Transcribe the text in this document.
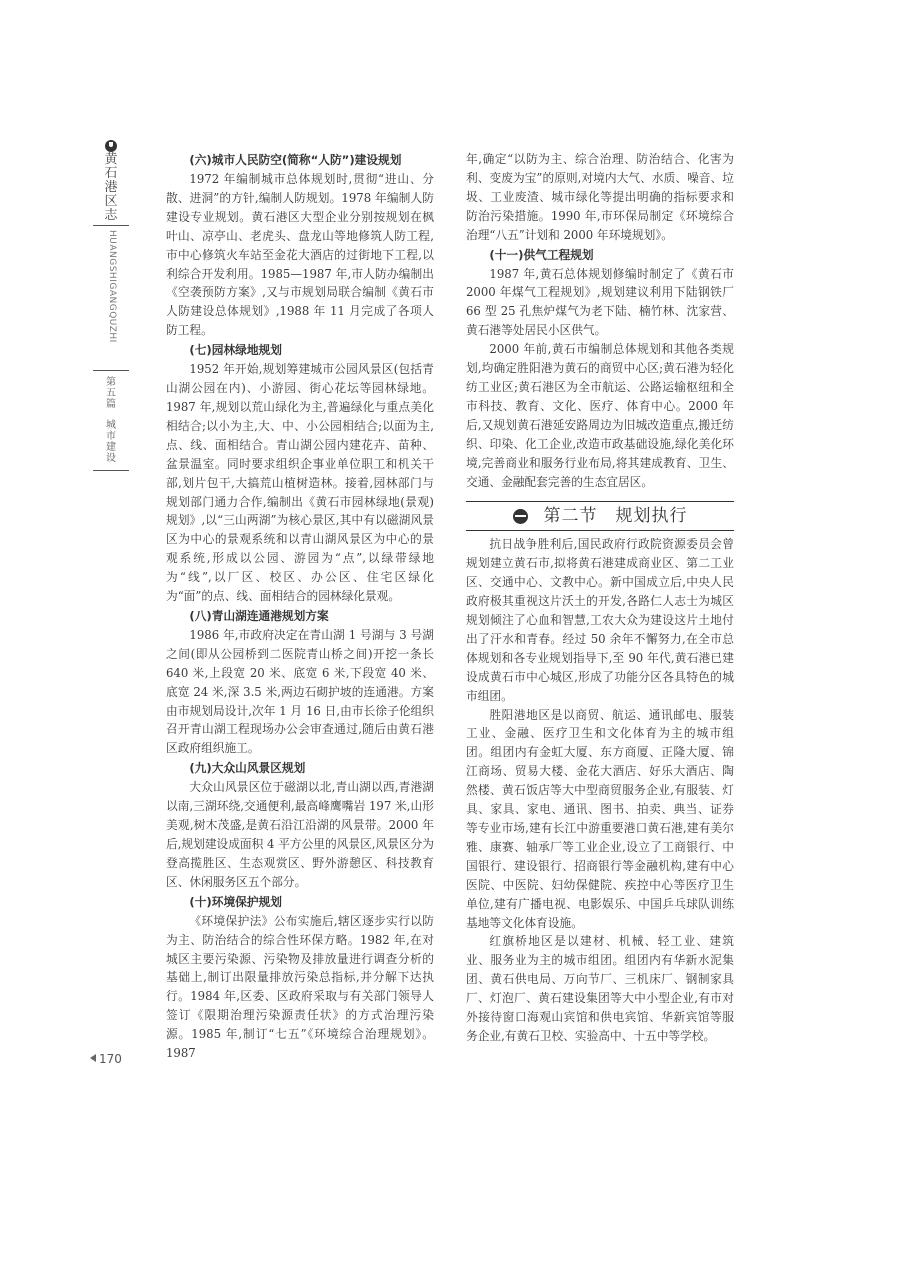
黄石港区志
HUANGSHIGANGQUZHI
第五篇
城市建设
(六)城市人民防空(简称“人防”)建设规划

1972 年编制城市总体规划时,贯彻“进山、分散、进洞”的方针,编制人防规划。1978 年编制人防建设专业规划。黄石港区大型企业分别按规划在枫叶山、凉亭山、老虎头、盘龙山等地修筑人防工程,市中心修筑火车站至金花大酒店的过街地下工程,以利综合开发利用。1985—1987 年,市人防办编制出《空袭预防方案》,又与市规划局联合编制《黄石市人防建设总体规划》,1988 年 11 月完成了各项人防工程。

(七)园林绿地规划

1952 年开始,规划筹建城市公园风景区(包括青山湖公园在内)、小游园、街心花坛等园林绿地。1987 年,规划以荒山绿化为主,普遍绿化与重点美化相结合;以小为主,大、中、小公园相结合;以面为主,点、线、面相结合。青山湖公园内建花卉、苗种、盆景温室。同时要求组织企事业单位职工和机关干部,划片包干,大搞荒山植树造林。接着,园林部门与规划部门通力合作,编制出《黄石市园林绿地(景观)规划》,以“三山两湖”为核心景区,其中有以磁湖风景区为中心的景观系统和以青山湖风景区为中心的景观系统,形成以公园、游园为“点”,以绿带绿地为“线”,以厂区、校区、办公区、住宅区绿化为“面”的点、线、面相结合的园林绿化景观。

(八)青山湖连通港规划方案

1986 年,市政府决定在青山湖 1 号湖与 3 号湖之间(即从公园桥到二医院青山桥之间)开挖一条长 640 米,上段宽 20 米、底宽 6 米,下段宽 40 米、底宽 24 米,深 3.5 米,两边石砌护坡的连通港。方案由市规划局设计,次年 1 月 16 日,由市长徐子伦组织召开青山湖工程现场办公会审查通过,随后由黄石港区政府组织施工。

(九)大众山风景区规划

大众山风景区位于磁湖以北,青山湖以西,青港湖以南,三湖环绕,交通便利,最高峰鹰嘴岩 197 米,山形美观,树木茂盛,是黄石沿江沿湖的风景带。2000 年后,规划建设成面积 4 平方公里的风景区,风景区分为登高揽胜区、生态观赏区、野外游憩区、科技教育区、休闲服务区五个部分。

(十)环境保护规划

《环境保护法》公布实施后,辖区逐步实行以防为主、防治结合的综合性环保方略。1982 年,在对城区主要污染源、污染物及排放量进行调查分析的基础上,制订出限量排放污染总指标,并分解下达执行。1984 年,区委、区政府采取与有关部门领导人签订《限期治理污染源责任状》的方式治理污染源。1985 年,制订“七五”《环境综合治理规划》。1987

年,确定“以防为主、综合治理、防治结合、化害为利、变废为宝”的原则,对境内大气、水质、噪音、垃圾、工业废渣、城市绿化等提出明确的指标要求和防治污染措施。1990 年,市环保局制定《环境综合治理“八五”计划和 2000 年环境规划》。

(十一)供气工程规划

1987 年,黄石总体规划修编时制定了《黄石市 2000 年煤气工程规划》,规划建议利用下陆钢铁厂 66 型 25 孔焦炉煤气为老下陆、楠竹林、沈家营、黄石港等处居民小区供气。

2000 年前,黄石市编制总体规划和其他各类规划,均确定胜阳港为黄石的商贸中心区;黄石港为轻化纺工业区;黄石港区为全市航运、公路运输枢纽和全市科技、教育、文化、医疗、体育中心。2000 年后,又规划黄石港延安路周边为旧城改造重点,搬迁纺织、印染、化工企业,改造市政基础设施,绿化美化环境,完善商业和服务行业布局,将其建成教育、卫生、交通、金融配套完善的生态宜居区。

第二节　规划执行

抗日战争胜利后,国民政府行政院资源委员会曾规划建立黄石市,拟将黄石港建成商业区、第二工业区、交通中心、文教中心。新中国成立后,中央人民政府极其重视这片沃土的开发,各路仁人志士为城区规划倾注了心血和智慧,工农大众为建设这片土地付出了汗水和青春。经过 50 余年不懈努力,在全市总体规划和各专业规划指导下,至 90 年代,黄石港已建设成黄石市中心城区,形成了功能分区各具特色的城市组团。

胜阳港地区是以商贸、航运、通讯邮电、服装工业、金融、医疗卫生和文化体育为主的城市组团。组团内有金虹大厦、东方商厦、正隆大厦、锦江商场、贸易大楼、金花大酒店、好乐大酒店、陶然楼、黄石饭店等大中型商贸服务企业,有服装、灯具、家具、家电、通讯、图书、拍卖、典当、证券等专业市场,建有长江中游重要港口黄石港,建有美尔雅、康赛、轴承厂等工业企业,设立了工商银行、中国银行、建设银行、招商银行等金融机构,建有中心医院、中医院、妇幼保健院、疾控中心等医疗卫生单位,建有广播电视、电影娱乐、中国乒乓球队训练基地等文化体育设施。

红旗桥地区是以建材、机械、轻工业、建筑业、服务业为主的城市组团。组团内有华新水泥集团、黄石供电局、万向节厂、三机床厂、钢制家具厂、灯泡厂、黄石建设集团等大中小型企业,有市对外接待窗口海观山宾馆和供电宾馆、华新宾馆等服务企业,有黄石卫校、实验高中、十五中等学校。

170
